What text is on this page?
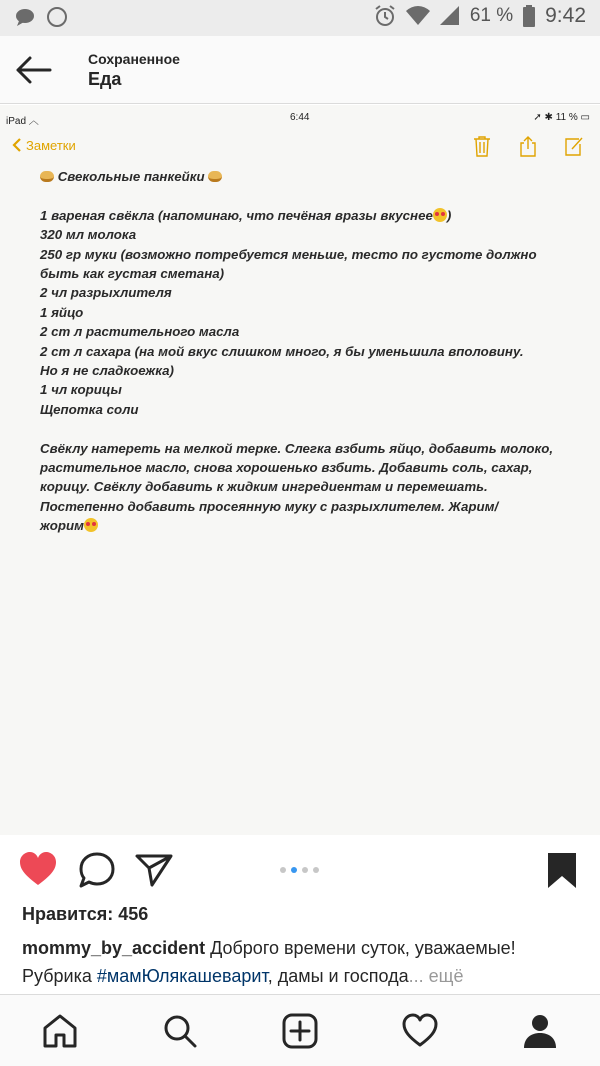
61 % 9:42
Сохраненное
Еда
iPad ︿	6:44	➚ ✱ 11 % ▭
Заметки
Свекольные панкейки
1 вареная свёкла (напоминаю, что печёная вразы вкуснее )
320 мл молока
250 гр муки (возможно потребуется меньше, тесто по густоте должно
быть как густая сметана)
2 чл разрыхлителя
1 яйцо
2 ст л растительного масла
2 ст л сахара (на мой вкус слишком много, я бы уменьшила вполовину.
Но я не сладкоежка)
1 чл корицы
Щепотка соли
Свёклу натереть на мелкой терке. Слегка взбить яйцо, добавить молоко,
растительное масло, снова хорошенько взбить. Добавить соль, сахар,
корицу. Свёклу добавить к жидким ингредиентам и перемешать.
Постепенно добавить просеянную муку с разрыхлителем. Жарим/
жорим
Нравится: 456
mommy_by_accident Доброго времени суток, уважаемые!
Рубрика #мамЮлякашеварит, дамы и господа... ещё
